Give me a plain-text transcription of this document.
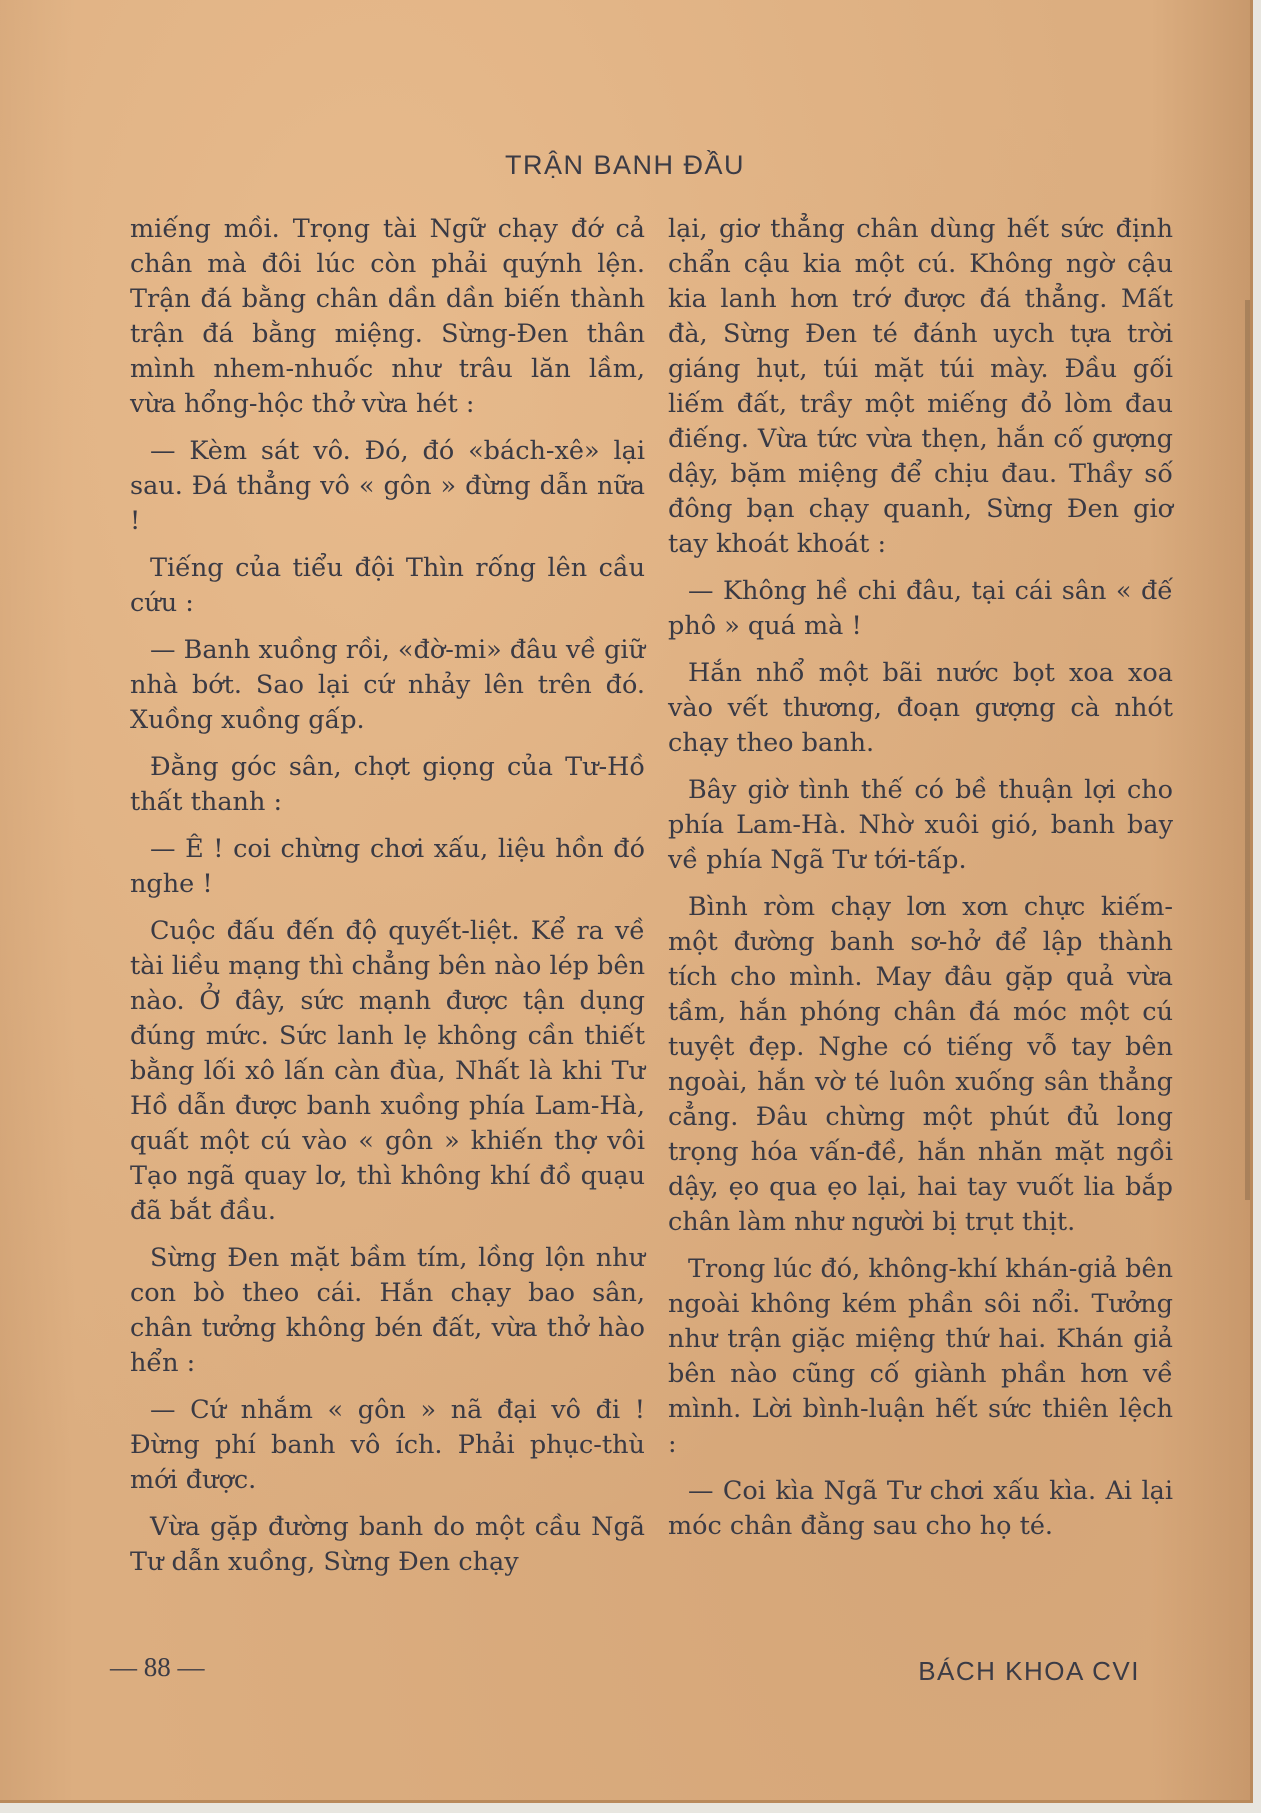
TRẬN BANH ĐẦU

miếng mồi. Trọng tài Ngữ chạy đớ cả chân mà đôi lúc còn phải quýnh lện. Trận đá bằng chân dần dần biến thành trận đá bằng miệng. Sừng-Đen thân mình nhem-nhuốc như trâu lăn lầm, vừa hổng-hộc thở vừa hét :

— Kèm sát vô. Đó, đó «bách-xê» lại sau. Đá thẳng vô « gôn » đừng dẫn nữa !

Tiếng của tiểu đội Thìn rống lên cầu cứu :

— Banh xuồng rồi, «đờ-mi» đâu về giữ nhà bớt. Sao lại cứ nhảy lên trên đó. Xuồng xuồng gấp.

Đằng góc sân, chợt giọng của Tư-Hồ thất thanh :

— Ê ! coi chừng chơi xấu, liệu hồn đó nghe !

Cuộc đấu đến độ quyết-liệt. Kể ra về tài liều mạng thì chẳng bên nào lép bên nào. Ở đây, sức mạnh được tận dụng đúng mức. Sức lanh lẹ không cần thiết bằng lối xô lấn càn đùa, Nhất là khi Tư Hồ dẫn được banh xuồng phía Lam-Hà, quất một cú vào « gôn » khiến thợ vôi Tạo ngã quay lơ, thì không khí đồ quạu đã bắt đầu.

Sừng Đen mặt bầm tím, lồng lộn như con bò theo cái. Hắn chạy bao sân, chân tưởng không bén đất, vừa thở hào hển :

— Cứ nhắm « gôn » nã đại vô đi ! Đừng phí banh vô ích. Phải phục-thù mới được.

Vừa gặp đường banh do một cầu Ngã Tư dẫn xuồng, Sừng Đen chạy

lại, giơ thẳng chân dùng hết sức định chẩn cậu kia một cú. Không ngờ cậu kia lanh hơn trớ được đá thẳng. Mất đà, Sừng Đen té đánh uych tựa trời giáng hụt, túi mặt túi mày. Đầu gối liếm đất, trầy một miếng đỏ lòm đau điếng. Vừa tức vừa thẹn, hắn cố gượng dậy, bặm miệng để chịu đau. Thầy số đông bạn chạy quanh, Sừng Đen giơ tay khoát khoát :

— Không hề chi đâu, tại cái sân « đế phô » quá mà !

Hắn nhổ một bãi nước bọt xoa xoa vào vết thương, đoạn gượng cà nhót chạy theo banh.

Bây giờ tình thế có bề thuận lợi cho phía Lam-Hà. Nhờ xuôi gió, banh bay về phía Ngã Tư tới-tấp.

Bình ròm chạy lơn xơn chực kiếm-một đường banh sơ-hở để lập thành tích cho mình. May đâu gặp quả vừa tầm, hắn phóng chân đá móc một cú tuyệt đẹp. Nghe có tiếng vỗ tay bên ngoài, hắn vờ té luôn xuống sân thẳng cẳng. Đâu chừng một phút đủ long trọng hóa vấn-đề, hắn nhăn mặt ngồi dậy, ẹo qua ẹo lại, hai tay vuốt lia bắp chân làm như người bị trụt thịt.

Trong lúc đó, không-khí khán-giả bên ngoài không kém phần sôi nổi. Tưởng như trận giặc miệng thứ hai. Khán giả bên nào cũng cố giành phần hơn về mình. Lời bình-luận hết sức thiên lệch :

— Coi kìa Ngã Tư chơi xấu kìa. Ai lại móc chân đằng sau cho họ té.

— 88 —	BÁCH KHOA CVI
